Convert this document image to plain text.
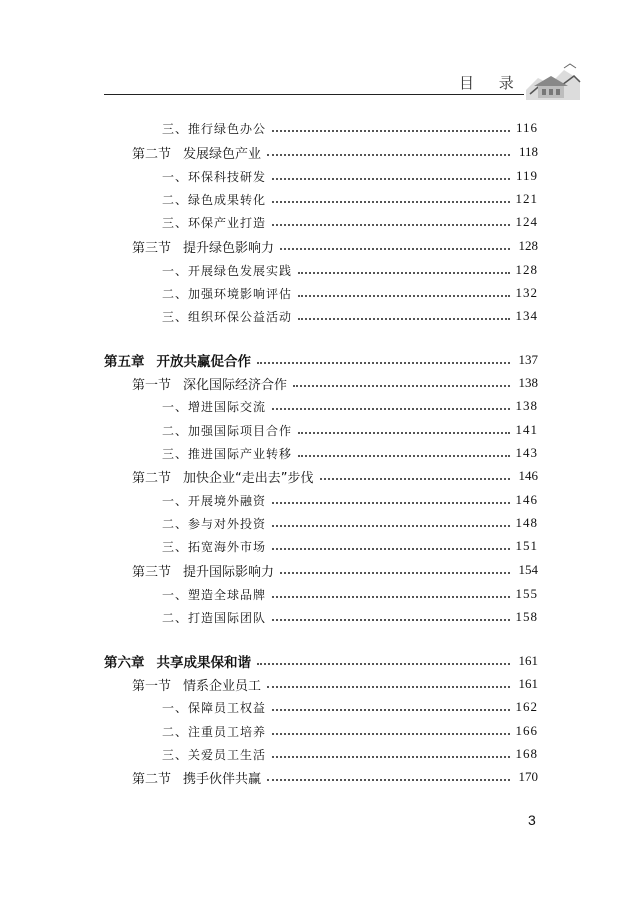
目 录
三、推行绿色办公	116
第二节 发展绿色产业	118
一、环保科技研发	119
二、绿色成果转化	121
三、环保产业打造	124
第三节 提升绿色影响力	128
一、开展绿色发展实践	128
二、加强环境影响评估	132
三、组织环保公益活动	134
第五章 开放共赢促合作	137
第一节 深化国际经济合作	138
一、增进国际交流	138
二、加强国际项目合作	141
三、推进国际产业转移	143
第二节 加快企业“走出去”步伐	146
一、开展境外融资	146
二、参与对外投资	148
三、拓宽海外市场	151
第三节 提升国际影响力	154
一、塑造全球品牌	155
二、打造国际团队	158
第六章 共享成果保和谐	161
第一节 情系企业员工	161
一、保障员工权益	162
二、注重员工培养	166
三、关爱员工生活	168
第二节 携手伙伴共赢	170
3
